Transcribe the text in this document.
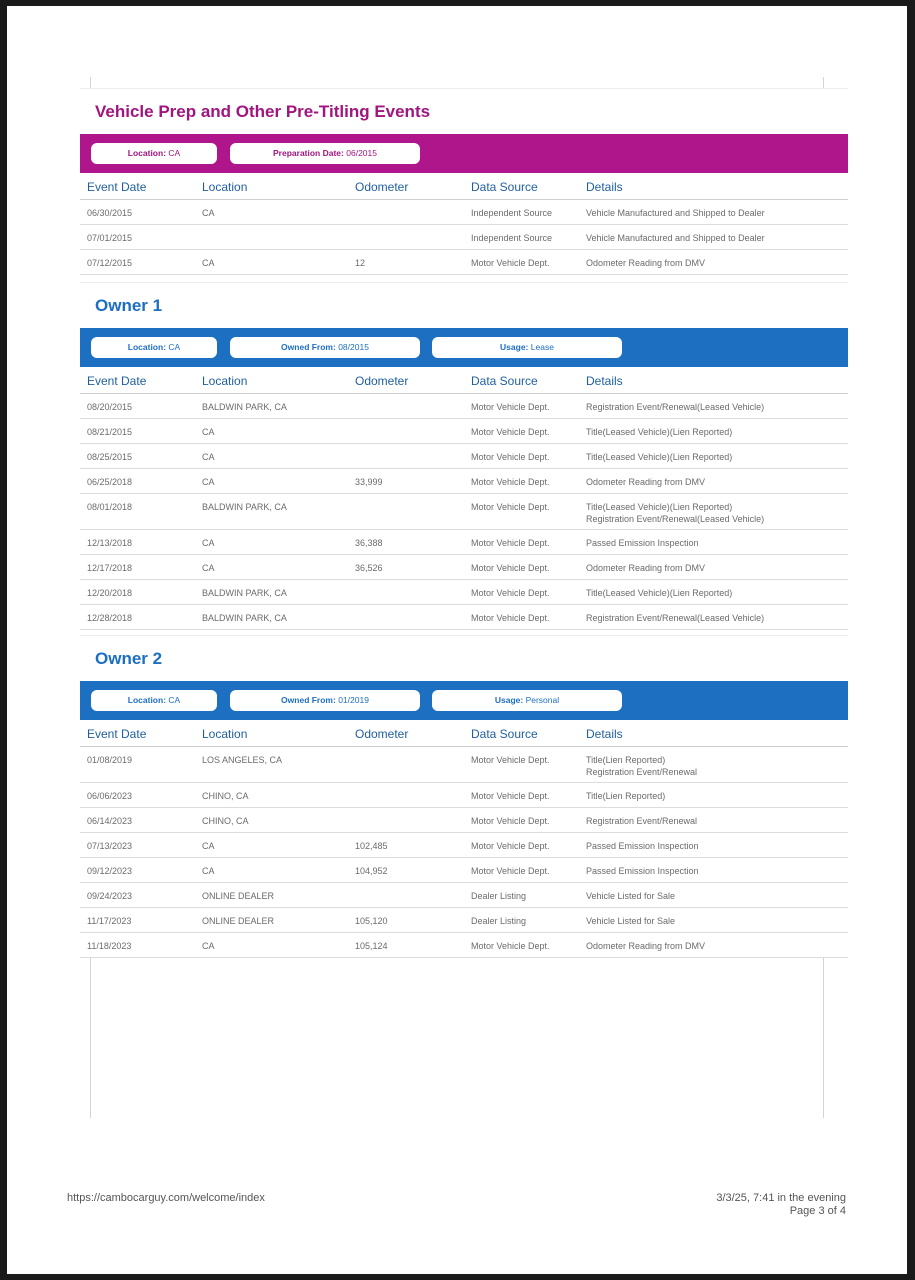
Vehicle Prep and Other Pre-Titling Events
Location: CA	Preparation Date: 06/2015
Event Date	Location	Odometer	Data Source	Details
06/30/2015	CA	Independent Source	Vehicle Manufactured and Shipped to Dealer
07/01/2015	Independent Source	Vehicle Manufactured and Shipped to Dealer
07/12/2015	CA	12	Motor Vehicle Dept.	Odometer Reading from DMV
Owner 1
Location: CA	Owned From: 08/2015	Usage: Lease
Event Date	Location	Odometer	Data Source	Details
08/20/2015	BALDWIN PARK, CA	Motor Vehicle Dept.	Registration Event/Renewal(Leased Vehicle)
08/21/2015	CA	Motor Vehicle Dept.	Title(Leased Vehicle)(Lien Reported)
08/25/2015	CA	Motor Vehicle Dept.	Title(Leased Vehicle)(Lien Reported)
06/25/2018	CA	33,999	Motor Vehicle Dept.	Odometer Reading from DMV
08/01/2018	BALDWIN PARK, CA	Motor Vehicle Dept.	Title(Leased Vehicle)(Lien Reported)
Registration Event/Renewal(Leased Vehicle)
12/13/2018	CA	36,388	Motor Vehicle Dept.	Passed Emission Inspection
12/17/2018	CA	36,526	Motor Vehicle Dept.	Odometer Reading from DMV
12/20/2018	BALDWIN PARK, CA	Motor Vehicle Dept.	Title(Leased Vehicle)(Lien Reported)
12/28/2018	BALDWIN PARK, CA	Motor Vehicle Dept.	Registration Event/Renewal(Leased Vehicle)
Owner 2
Location: CA	Owned From: 01/2019	Usage: Personal
Event Date	Location	Odometer	Data Source	Details
01/08/2019	LOS ANGELES, CA	Motor Vehicle Dept.	Title(Lien Reported)
Registration Event/Renewal
06/06/2023	CHINO, CA	Motor Vehicle Dept.	Title(Lien Reported)
06/14/2023	CHINO, CA	Motor Vehicle Dept.	Registration Event/Renewal
07/13/2023	CA	102,485	Motor Vehicle Dept.	Passed Emission Inspection
09/12/2023	CA	104,952	Motor Vehicle Dept.	Passed Emission Inspection
09/24/2023	ONLINE DEALER	Dealer Listing	Vehicle Listed for Sale
11/17/2023	ONLINE DEALER	105,120	Dealer Listing	Vehicle Listed for Sale
11/18/2023	CA	105,124	Motor Vehicle Dept.	Odometer Reading from DMV
https://cambocarguy.com/welcome/index	3/3/25, 7:41 in the evening
Page 3 of 4
